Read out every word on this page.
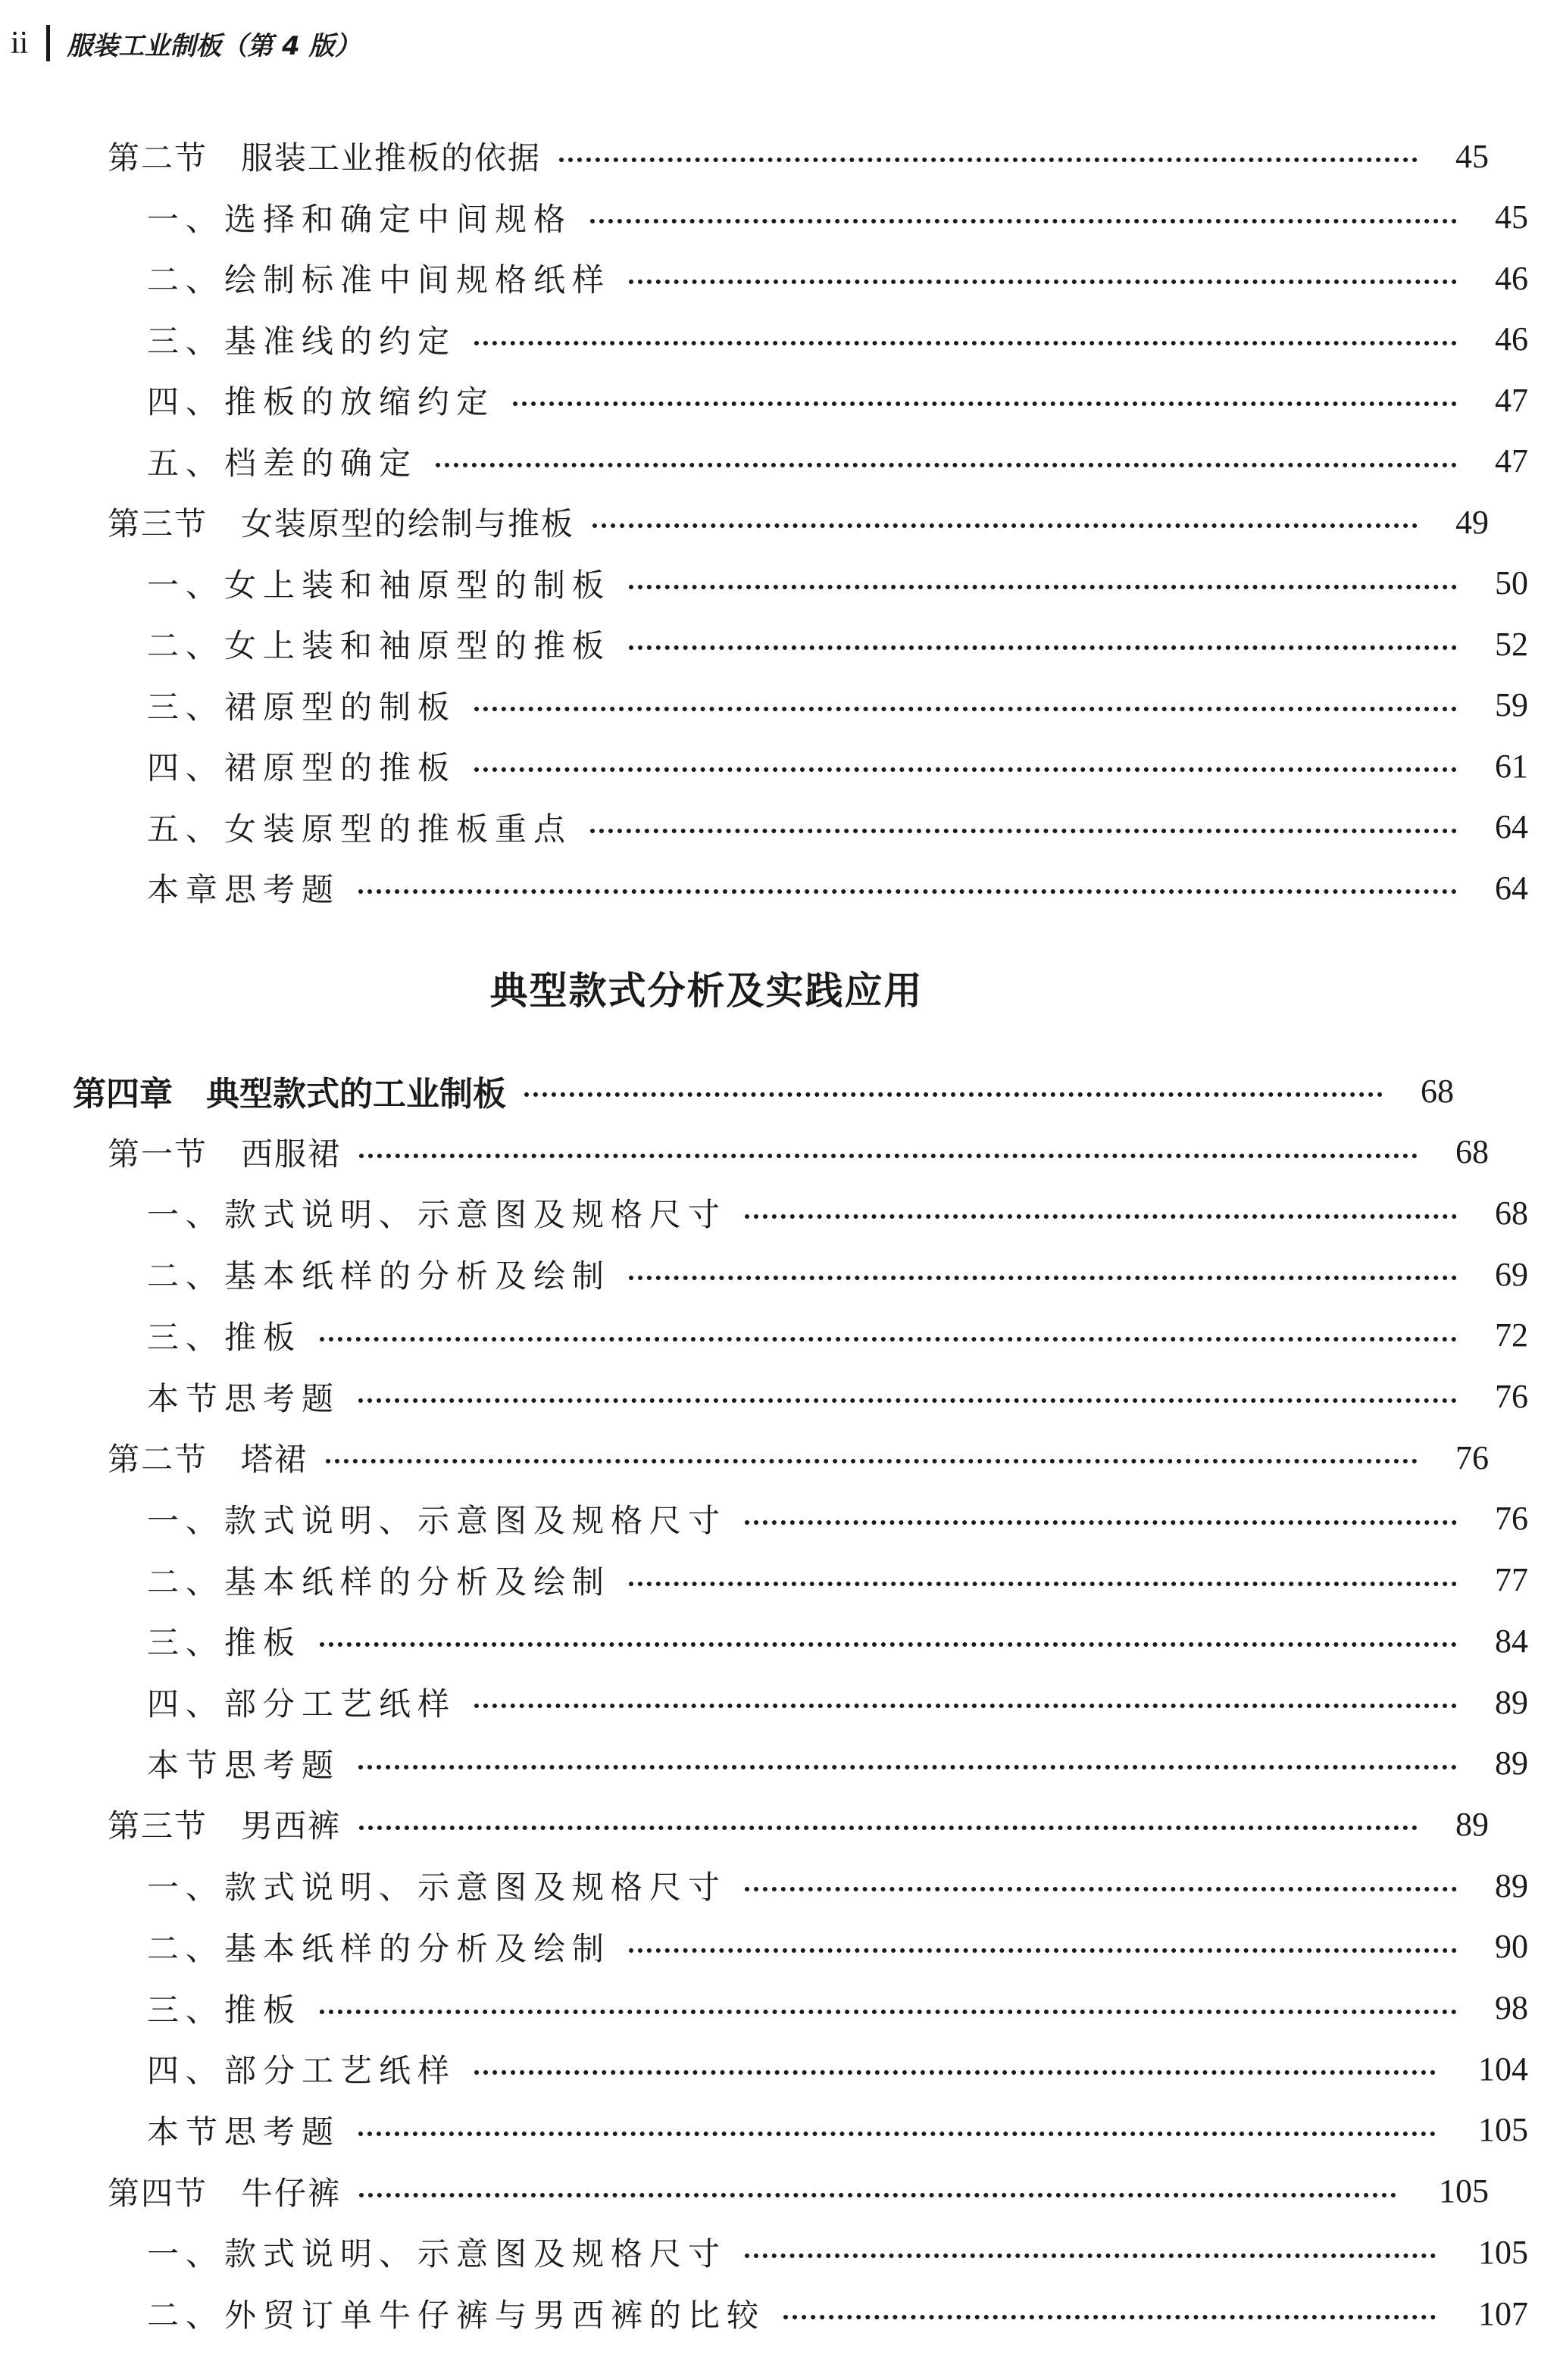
ii 服装工业制板（第 4 版）
第二节　服装工业推板的依据	45
一、选择和确定中间规格	45
二、绘制标准中间规格纸样	46
三、基准线的约定	46
四、推板的放缩约定	47
五、档差的确定	47
第三节　女装原型的绘制与推板	49
一、女上装和袖原型的制板	50
二、女上装和袖原型的推板	52
三、裙原型的制板	59
四、裙原型的推板	61
五、女装原型的推板重点	64
本章思考题	64
典型款式分析及实践应用
第四章　典型款式的工业制板	68
第一节　西服裙	68
一、款式说明、示意图及规格尺寸	68
二、基本纸样的分析及绘制	69
三、推板	72
本节思考题	76
第二节　塔裙	76
一、款式说明、示意图及规格尺寸	76
二、基本纸样的分析及绘制	77
三、推板	84
四、部分工艺纸样	89
本节思考题	89
第三节　男西裤	89
一、款式说明、示意图及规格尺寸	89
二、基本纸样的分析及绘制	90
三、推板	98
四、部分工艺纸样	104
本节思考题	105
第四节　牛仔裤	105
一、款式说明、示意图及规格尺寸	105
二、外贸订单牛仔裤与男西裤的比较	107
